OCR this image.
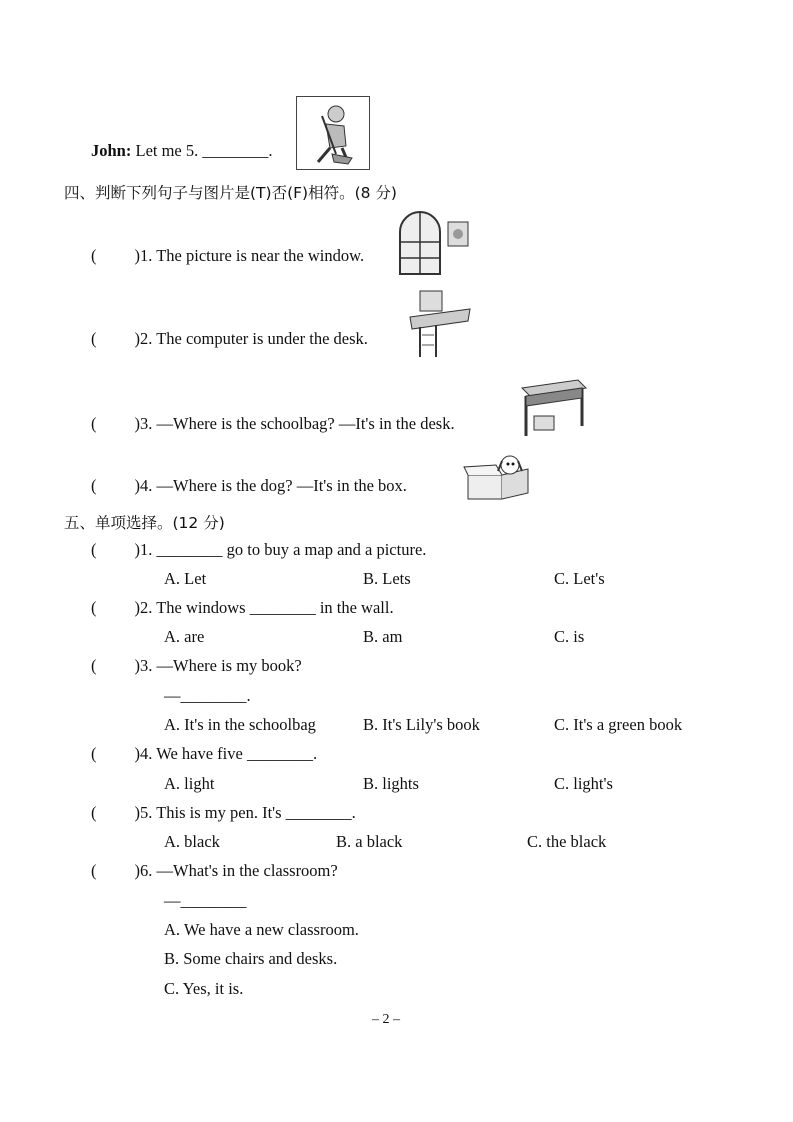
John: Let me 5. ________.
四、判断下列句子与图片是(T)否(F)相符。(8 分)
( )1. The picture is near the window.
( )2. The computer is under the desk.
( )3. —Where is the schoolbag? —It's in the desk.
( )4. —Where is the dog? —It's in the box.
五、单项选择。(12 分)
( )1. ________ go to buy a map and a picture.
A. Let	B. Lets	C. Let's
( )2. The windows ________ in the wall.
A. are	B. am	C. is
( )3. —Where is my book?
—________.
A. It's in the schoolbag	B. It's Lily's book	C. It's a green book
( )4. We have five ________.
A. light	B. lights	C. light's
( )5. This is my pen. It's ________.
A. black	B. a black	C. the black
( )6. —What's in the classroom?
—________
A. We have a new classroom.
B. Some chairs and desks.
C. Yes, it is.
– 2 –
